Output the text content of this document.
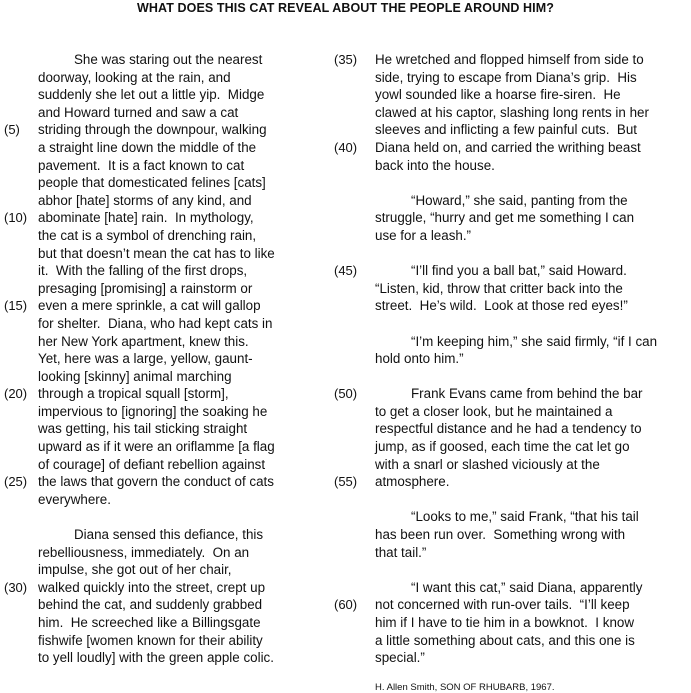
WHAT DOES THIS CAT REVEAL ABOUT THE PEOPLE AROUND HIM?
She was staring out the nearest
doorway, looking at the rain, and
suddenly she let out a little yip.  Midge
and Howard turned and saw a cat
(5) striding through the downpour, walking
a straight line down the middle of the
pavement.  It is a fact known to cat
people that domesticated felines [cats]
abhor [hate] storms of any kind, and
(10) abominate [hate] rain.  In mythology,
the cat is a symbol of drenching rain,
but that doesn’t mean the cat has to like
it.  With the falling of the first drops,
presaging [promising] a rainstorm or
(15) even a mere sprinkle, a cat will gallop
for shelter.  Diana, who had kept cats in
her New York apartment, knew this.
Yet, here was a large, yellow, gaunt-
looking [skinny] animal marching
(20) through a tropical squall [storm],
impervious to [ignoring] the soaking he
was getting, his tail sticking straight
upward as if it were an oriflamme [a flag
of courage] of defiant rebellion against
(25) the laws that govern the conduct of cats
everywhere.
Diana sensed this defiance, this
rebelliousness, immediately.  On an
impulse, she got out of her chair,
(30) walked quickly into the street, crept up
behind the cat, and suddenly grabbed
him.  He screeched like a Billingsgate
fishwife [women known for their ability
to yell loudly] with the green apple colic.
(35) He wretched and flopped himself from side to
side, trying to escape from Diana’s grip.  His
yowl sounded like a hoarse fire-siren.  He
clawed at his captor, slashing long rents in her
sleeves and inflicting a few painful cuts.  But
(40) Diana held on, and carried the writhing beast
back into the house.
“Howard,” she said, panting from the
struggle, “hurry and get me something I can
use for a leash.”
(45)	“I’ll find you a ball bat,” said Howard.
“Listen, kid, throw that critter back into the
street.  He’s wild.  Look at those red eyes!”
“I’m keeping him,” she said firmly, “if I can
hold onto him.”
(50)	Frank Evans came from behind the bar
to get a closer look, but he maintained a
respectful distance and he had a tendency to
jump, as if goosed, each time the cat let go
with a snarl or slashed viciously at the
(55) atmosphere.
“Looks to me,” said Frank, “that his tail
has been run over.  Something wrong with
that tail.”
“I want this cat,” said Diana, apparently
(60) not concerned with run-over tails.  “I’ll keep
him if I have to tie him in a bowknot.  I know
a little something about cats, and this one is
special.”
H. Allen Smith, SON OF RHUBARB, 1967.
